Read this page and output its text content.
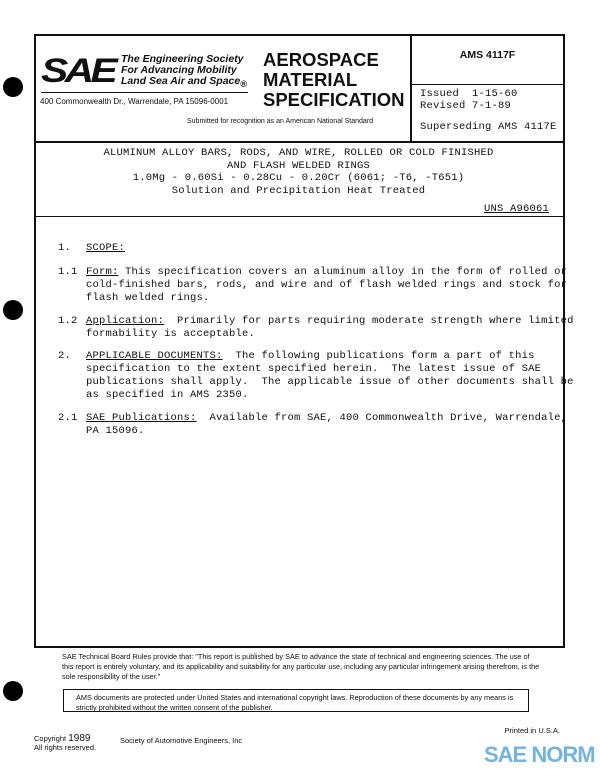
SAE The Engineering Society
For Advancing Mobility
Land Sea Air and Space$_®$
400 Commonwealth Dr., Warrendale, PA 15096-0001
AEROSPACE
MATERIAL
SPECIFICATION
Submitted for recognition as an American National Standard
AMS 4117F
Issued  1-15-60
Revised 7-1-89
Superseding AMS 4117E
ALUMINUM ALLOY BARS, RODS, AND WIRE, ROLLED OR COLD FINISHED
AND FLASH WELDED RINGS
1.0Mg - 0.60Si - 0.28Cu - 0.20Cr (6061; -T6, -T651)
Solution and Precipitation Heat Treated
UNS A96061

1. SCOPE:

1.1 Form: This specification covers an aluminum alloy in the form of rolled or

cold-finished bars, rods, and wire and of flash welded rings and stock for

flash welded rings.

1.2 Application:  Primarily for parts requiring moderate strength where limited

formability is acceptable.

2. APPLICABLE DOCUMENTS:  The following publications form a part of this

specification to the extent specified herein.  The latest issue of SAE

publications shall apply.  The applicable issue of other documents shall be

as specified in AMS 2350.

2.1 SAE Publications:  Available from SAE, 400 Commonwealth Drive, Warrendale,

PA 15096.

SAE Technical Board Rules provide that: "This report is published by SAE to advance the state of technical and engineering sciences. The use of this report is entirely voluntary, and its applicability and suitability for any particular use, including any particular infringement arising therefrom, is the sole responsibility of the user."
AMS documents are protected under United States and international copyright laws. Reproduction of these documents by any means is strictly prohibited without the written consent of the publisher.
Copyright 1989
All rights reserved.
Society of Automotive Engineers, Inc
Printed in U.S.A.
SAE NORM
